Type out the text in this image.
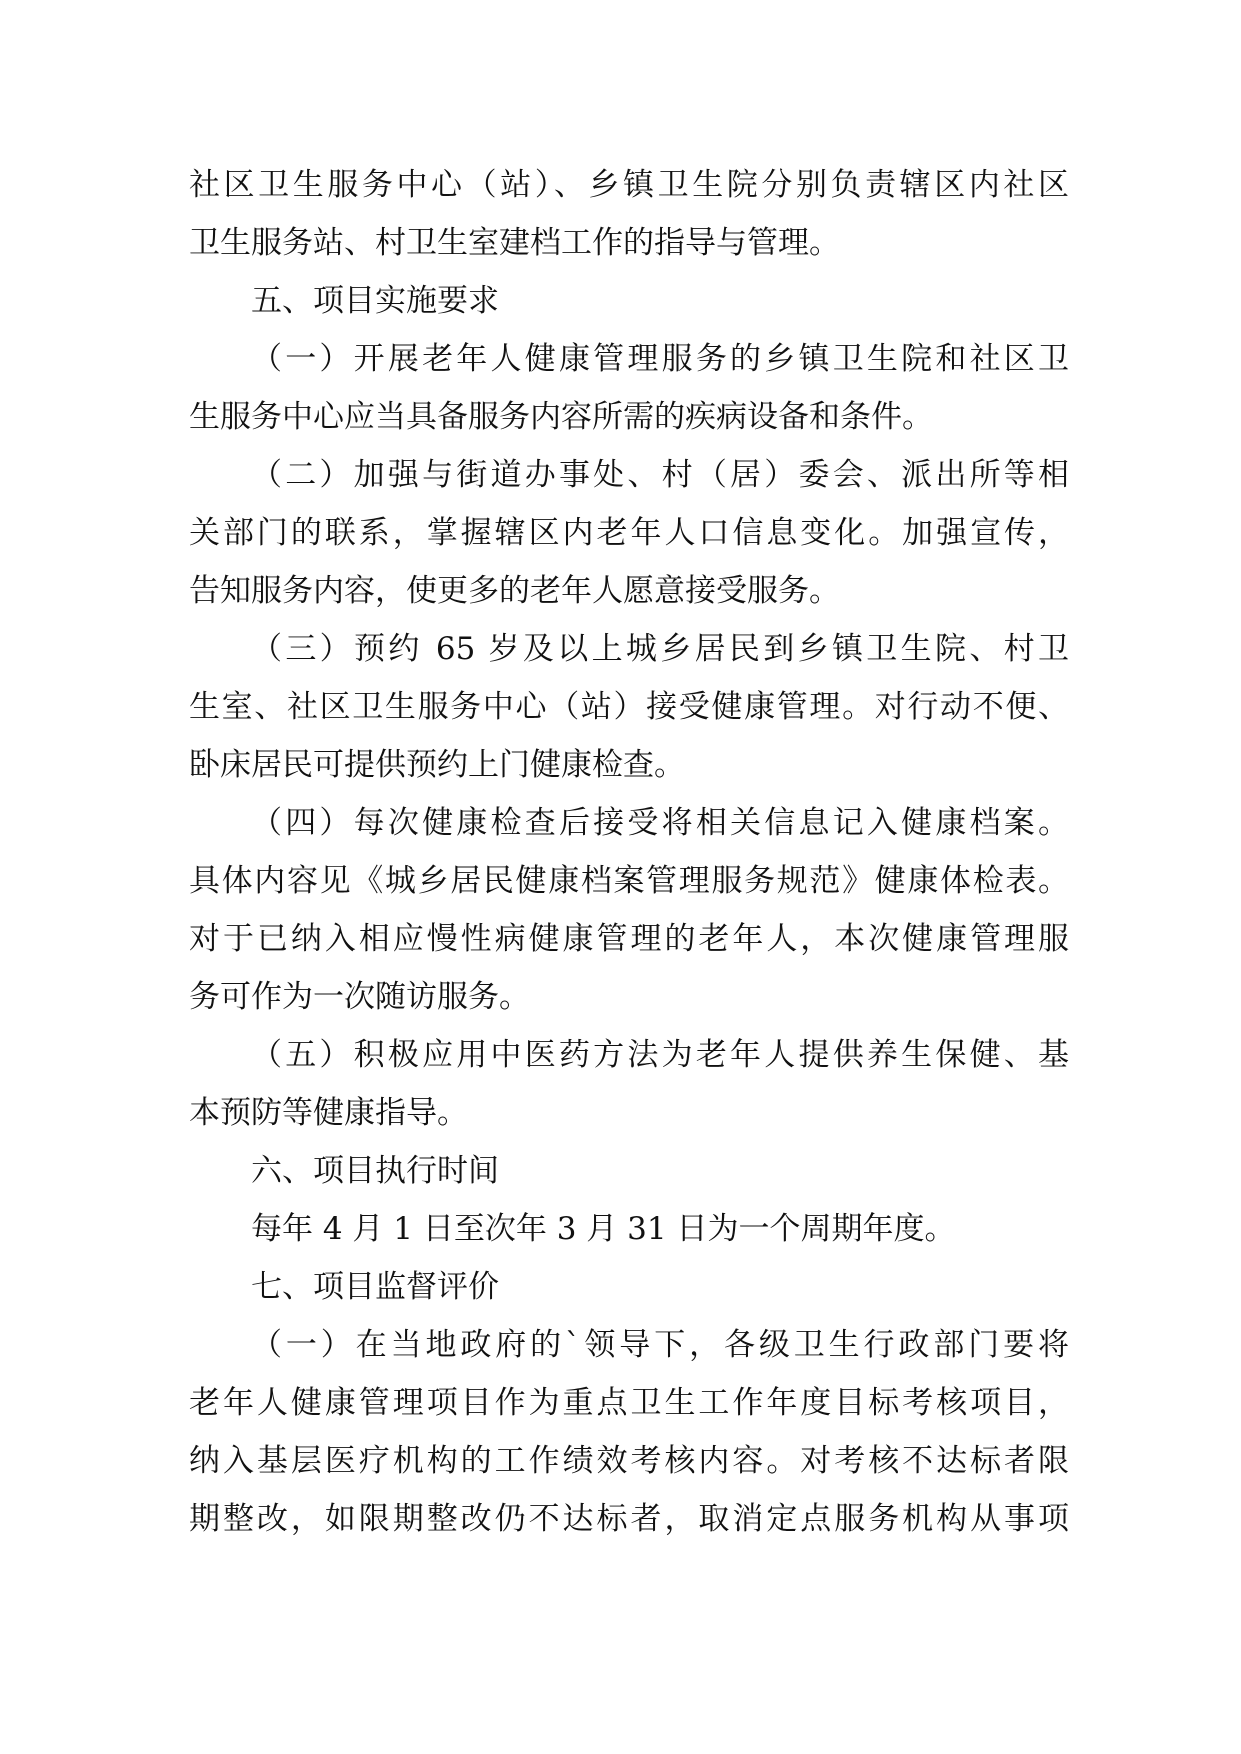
社区卫生服务中心（站）、乡镇卫生院分别负责辖区内社区
卫生服务站、村卫生室建档工作的指导与管理。
五、项目实施要求
（一）开展老年人健康管理服务的乡镇卫生院和社区卫
生服务中心应当具备服务内容所需的疾病设备和条件。
（二）加强与街道办事处、村（居）委会、派出所等相
关部门的联系，掌握辖区内老年人口信息变化。加强宣传，
告知服务内容，使更多的老年人愿意接受服务。
（三）预约 65 岁及以上城乡居民到乡镇卫生院、村卫
生室、社区卫生服务中心（站）接受健康管理。对行动不便、
卧床居民可提供预约上门健康检查。
（四）每次健康检查后接受将相关信息记入健康档案。
具体内容见《城乡居民健康档案管理服务规范》健康体检表。
对于已纳入相应慢性病健康管理的老年人，本次健康管理服
务可作为一次随访服务。
（五）积极应用中医药方法为老年人提供养生保健、基
本预防等健康指导。
六、项目执行时间
每年 4 月 1 日至次年 3 月 31 日为一个周期年度。
七、项目监督评价
（一）在当地政府的`领导下，各级卫生行政部门要将
老年人健康管理项目作为重点卫生工作年度目标考核项目，
纳入基层医疗机构的工作绩效考核内容。对考核不达标者限
期整改，如限期整改仍不达标者，取消定点服务机构从事项
